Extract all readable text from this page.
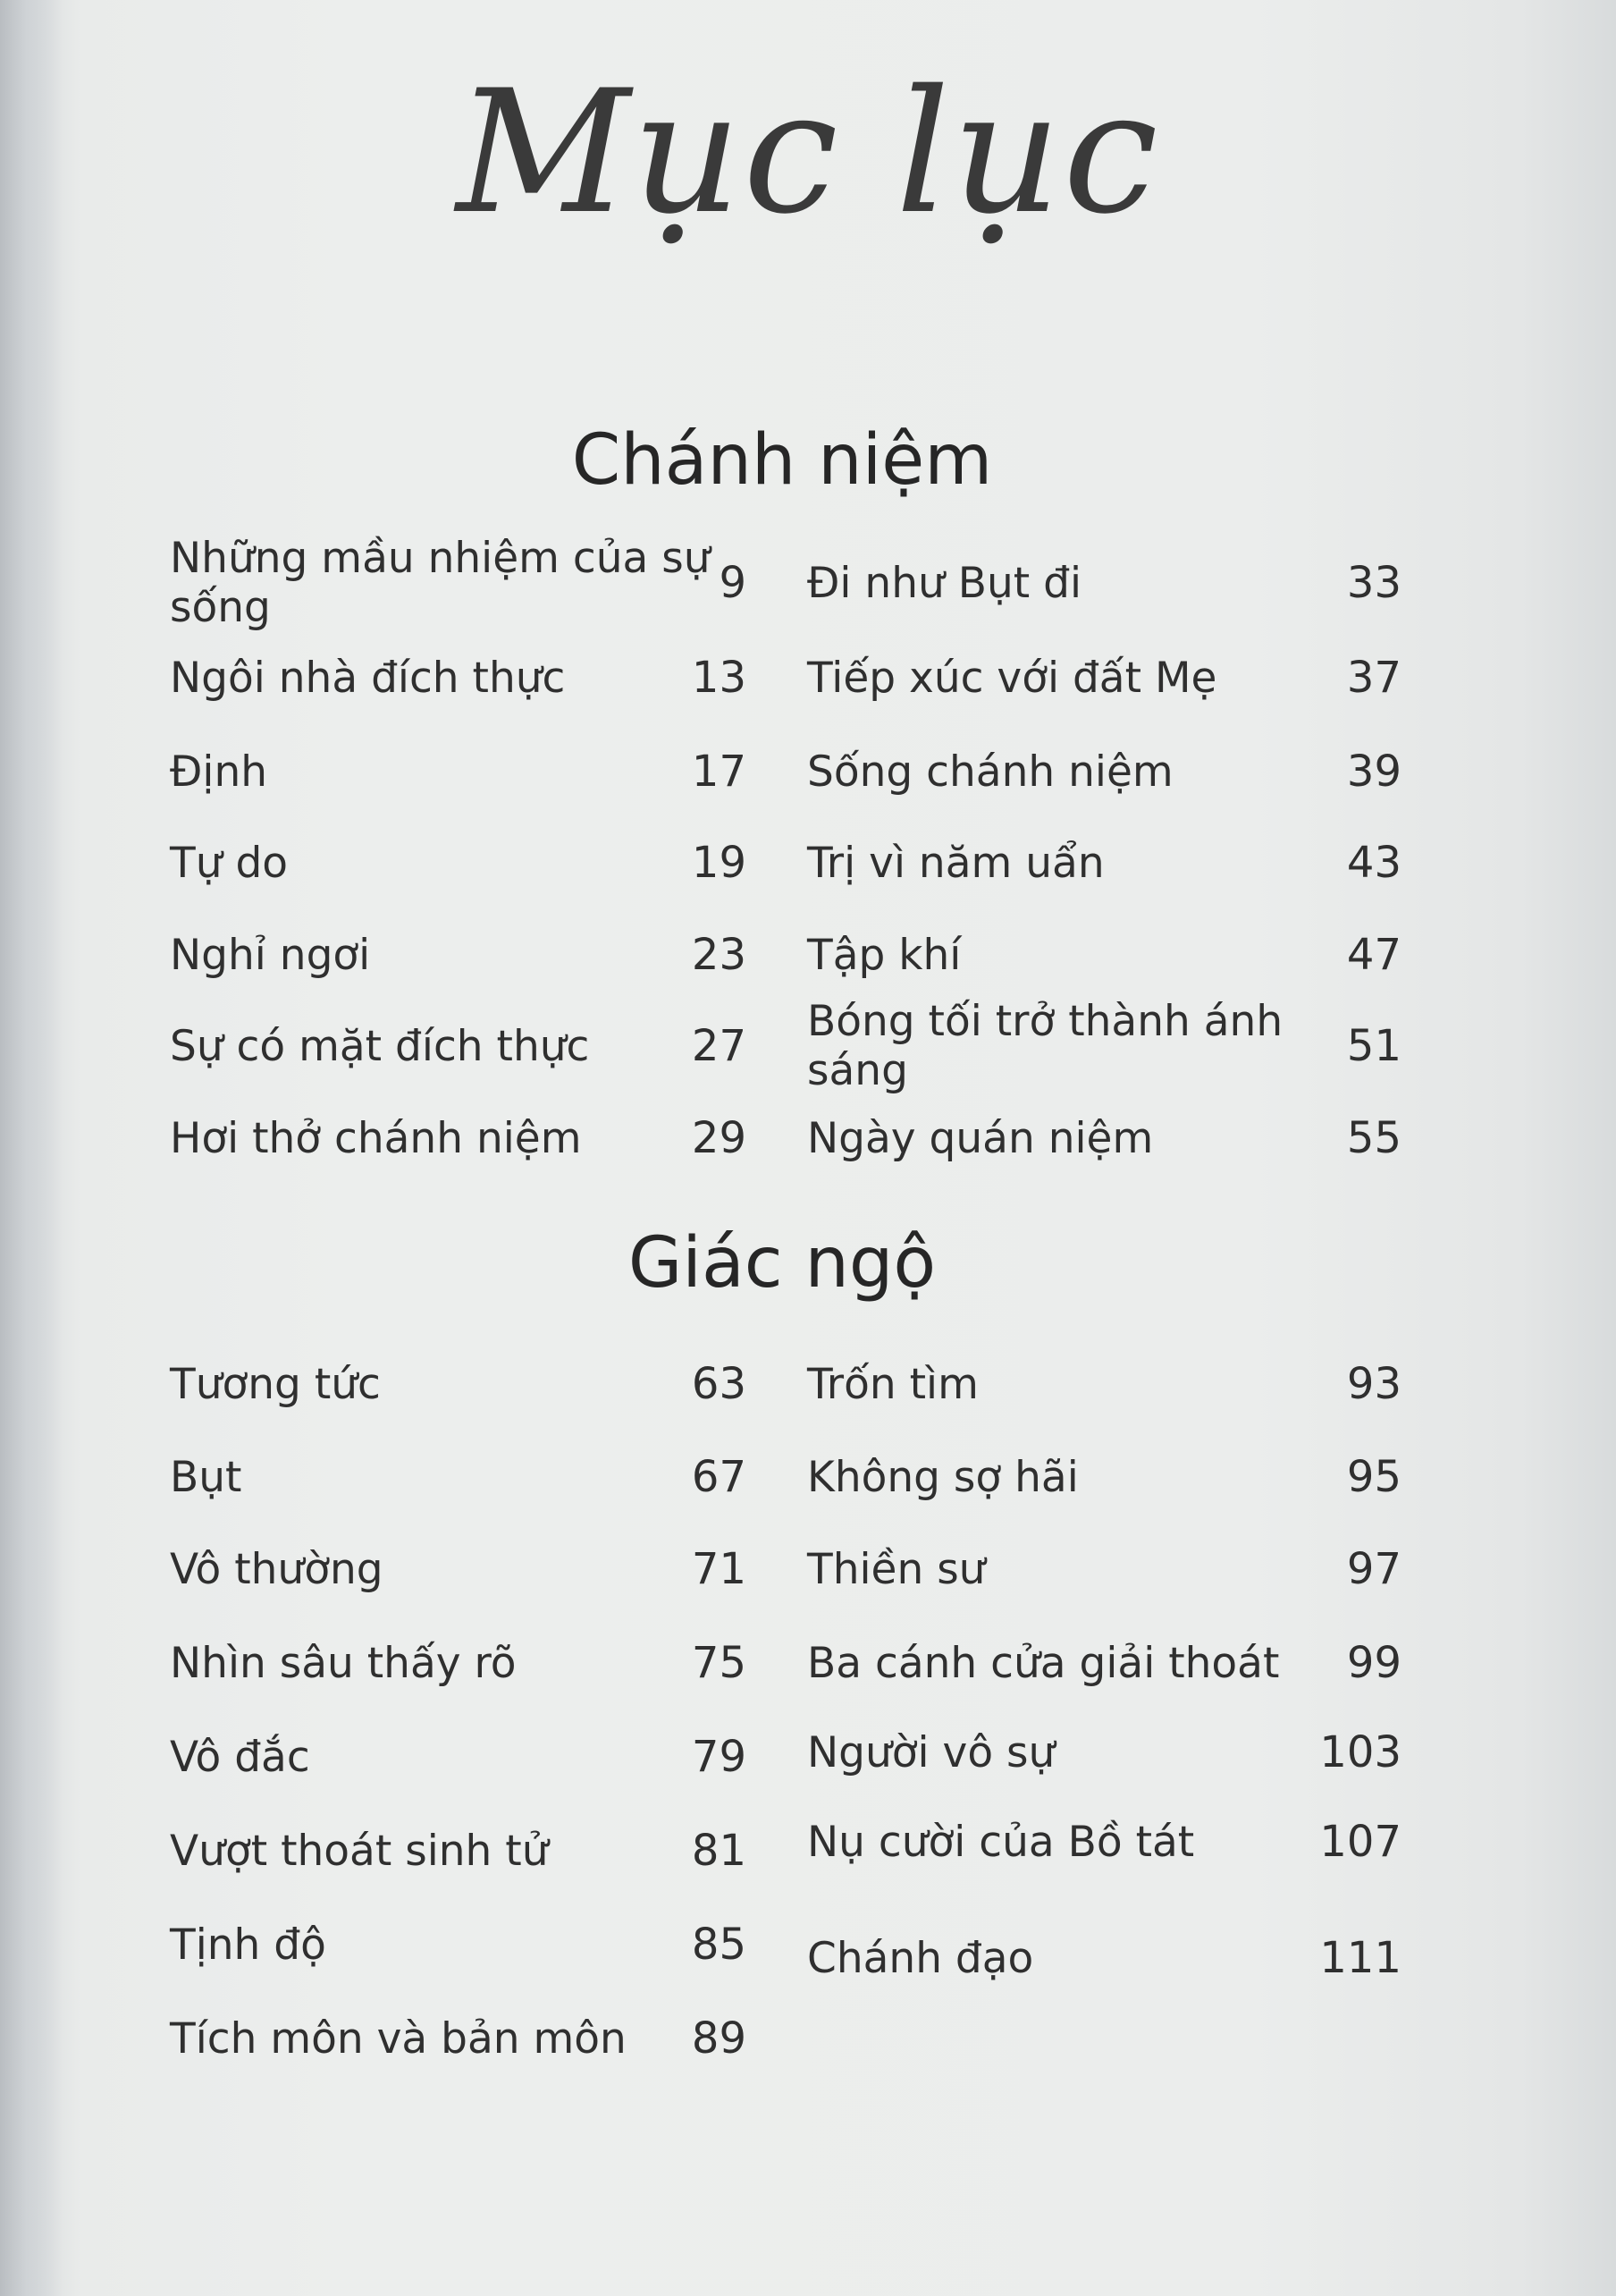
Mục lục
Chánh niệm
Những mầu nhiệm của sự sống	9
Ngôi nhà đích thực	13
Định	17
Tự do	19
Nghỉ ngơi	23
Sự có mặt đích thực 27
Hơi thở chánh niệm	29
Đi như Bụt đi	33
Tiếp xúc với đất Mẹ	37
Sống chánh niệm	39
Trị vì năm uẩn	43
Tập khí	47
Bóng tối trở thành ánh sáng	51
Ngày quán niệm	55
Giác ngộ
Tương tức	63
Bụt	67
Vô thường	71
Nhìn sâu thấy rõ	75
Vô đắc	79
Vượt thoát sinh tử	81
Tịnh độ	85
Tích môn và bản môn 89
Trốn tìm	93
Không sợ hãi	95
Thiền sư	97
Ba cánh cửa giải thoát 99
Người vô sự	103
Nụ cười của Bồ tát	107
Chánh đạo	111
